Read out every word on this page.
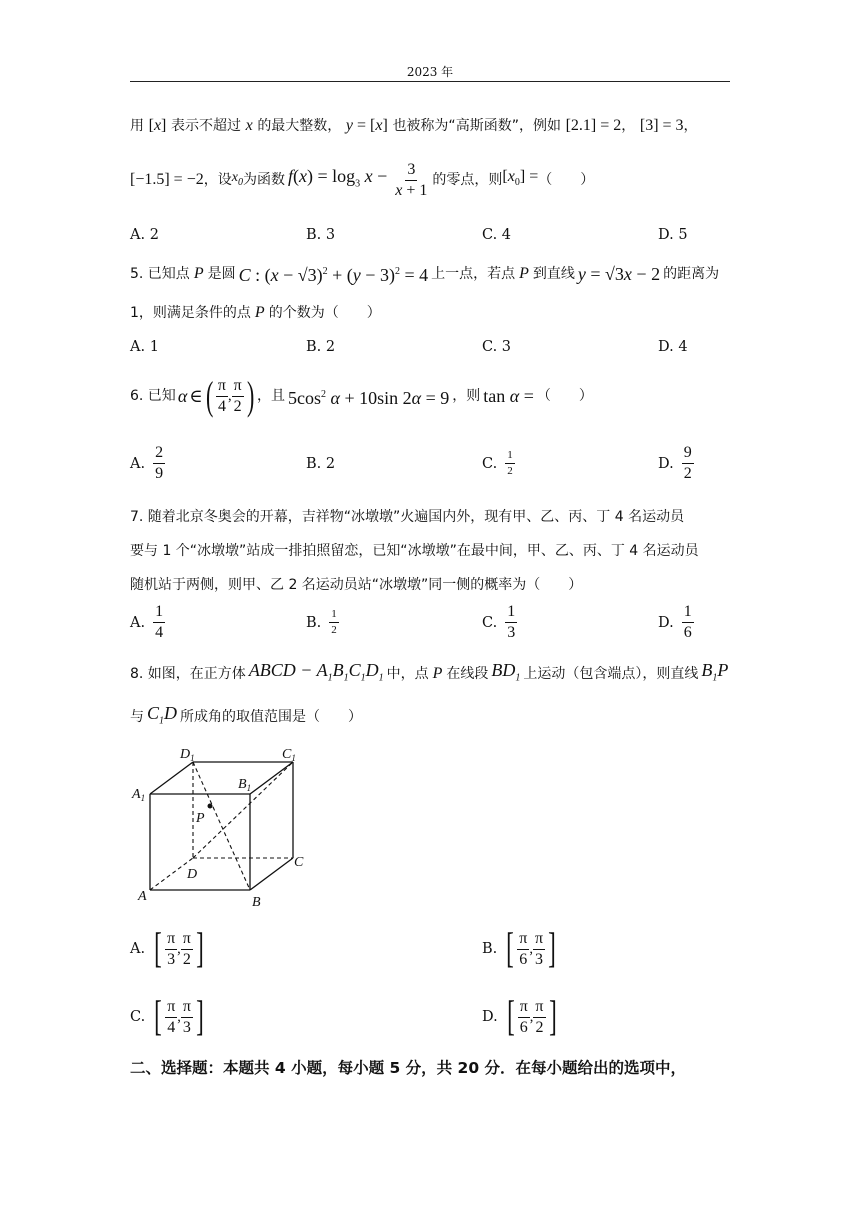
2023 年
用 [x] 表示不超过 x 的最大整数， y = [x] 也被称为“高斯函数”，例如 [2.1] = 2， [3] = 3，
[−1.5] = −2 ，设 $x_0$ 为函数 $f(x) = \log_3 x - \frac{3}{x + 1}$ 的零点，则 $[x_0]$ = （　　）
A. 2	B. 3	C. 4	D. 5
5. 已知点 P 是圆 C : $(x - √3)^2 + (y - 3)^2 = 4$ 上一点，若点 P 到直线 y = √3x − 2 的距离为
1，则满足条件的点 P 的个数为（　　）
A. 1	B. 2	C. 3	D. 4
6. 已知 α ∈ ( $\frac{\pi}{4}$ , $\frac{\pi}{2}$ ) ，且 $5\cos^2$ α + 10sin 2α = 9 ，则 tan α = （　　）
A. $\frac{2}{9}$	B. 2	C. $\frac{1}{2}$	D. $\frac{9}{2}$
7. 随着北京冬奥会的开幕，吉祥物“冰墩墩”火遍国内外，现有甲、乙、丙、丁 4 名运动员
要与 1 个“冰墩墩”站成一排拍照留恋，已知“冰墩墩”在最中间，甲、乙、丙、丁 4 名运动员
随机站于两侧，则甲、乙 2 名运动员站“冰墩墩”同一侧的概率为（　　）
A. $\frac{1}{4}$	B. $\frac{1}{2}$	C. $\frac{1}{3}$	D. $\frac{1}{6}$
8. 如图，在正方体 ABCD − $A_1B_1C_1D_1$ 中，点 P 在线段 $BD_1$ 上运动（包含端点），则直线 $B_1P$
与 $C_1D$ 所成角的取值范围是（　　）
$D_1$	$C_1$
$B_1$
$A_1$
P
D
C
A	B
A. [ $\frac{\pi}{3}$ , $\frac{\pi}{2}$ ]	B. [ $\frac{\pi}{6}$ , $\frac{\pi}{3}$ ]
C. [ $\frac{\pi}{4}$ , $\frac{\pi}{3}$ ]	D. [ $\frac{\pi}{6}$ , $\frac{\pi}{2}$ ]
二、选择题：本题共 4 小题，每小题 5 分，共 20 分．在每小题给出的选项中，
